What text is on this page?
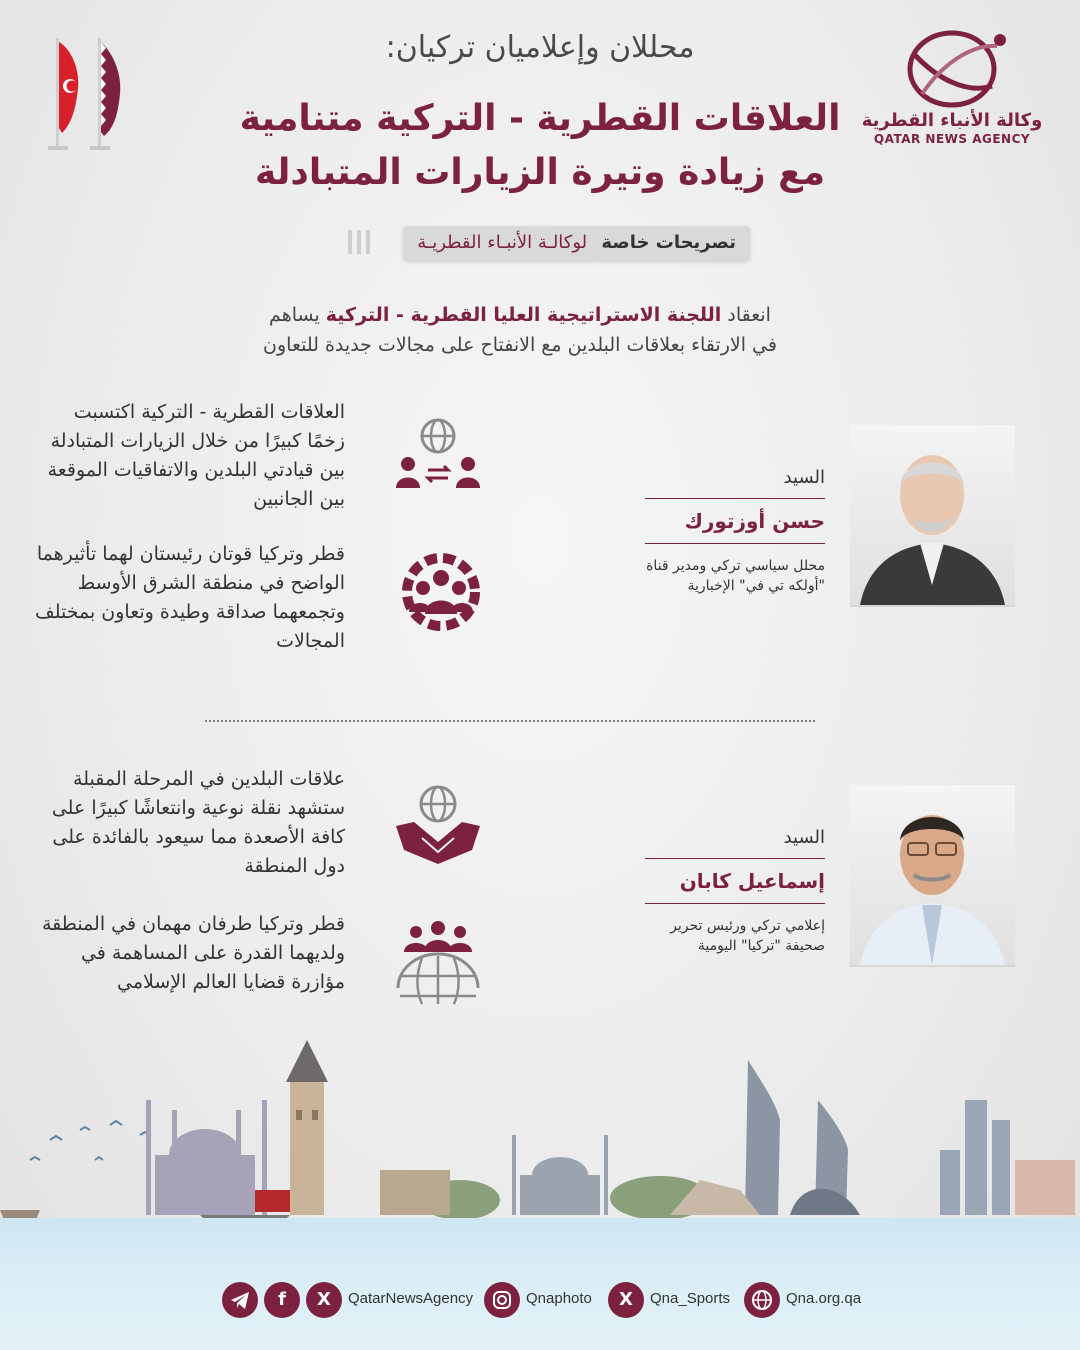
وكالة الأنباء القطرية
QATAR NEWS AGENCY
محللان وإعلاميان تركيان:
العلاقات القطرية - التركية متنامية
مع زيادة وتيرة الزيارات المتبادلة
تصريحات خاصة لوكالـة الأنبـاء القطريـة
انعقاد اللجنة الاستراتيجية العليا القطرية - التركية يساهم
في الارتقاء بعلاقات البلدين مع الانفتاح على مجالات جديدة للتعاون
العلاقات القطرية - التركية اكتسبت زخمًا كبيرًا من خلال الزيارات المتبادلة بين قيادتي البلدين والاتفاقيات الموقعة بين الجانبين
قطر وتركيا قوتان رئيستان لهما تأثيرهما الواضح في منطقة الشرق الأوسط وتجمعهما صداقة وطيدة وتعاون بمختلف المجالات
السيد
حسن أوزتورك
محلل سياسي تركي ومدير قناة "أولكه تي في" الإخبارية
علاقات البلدين في المرحلة المقبلة ستشهد نقلة نوعية وانتعاشًا كبيرًا على كافة الأصعدة مما سيعود بالفائدة على دول المنطقة
قطر وتركيا طرفان مهمان في المنطقة ولديهما القدرة على المساهمة في مؤازرة قضايا العالم الإسلامي
السيد
إسماعيل كابان
إعلامي تركي ورئيس تحرير صحيفة "تركيا" اليومية
f	X	QatarNewsAgency	Qnaphoto	X	Qna_Sports	Qna.org.qa
